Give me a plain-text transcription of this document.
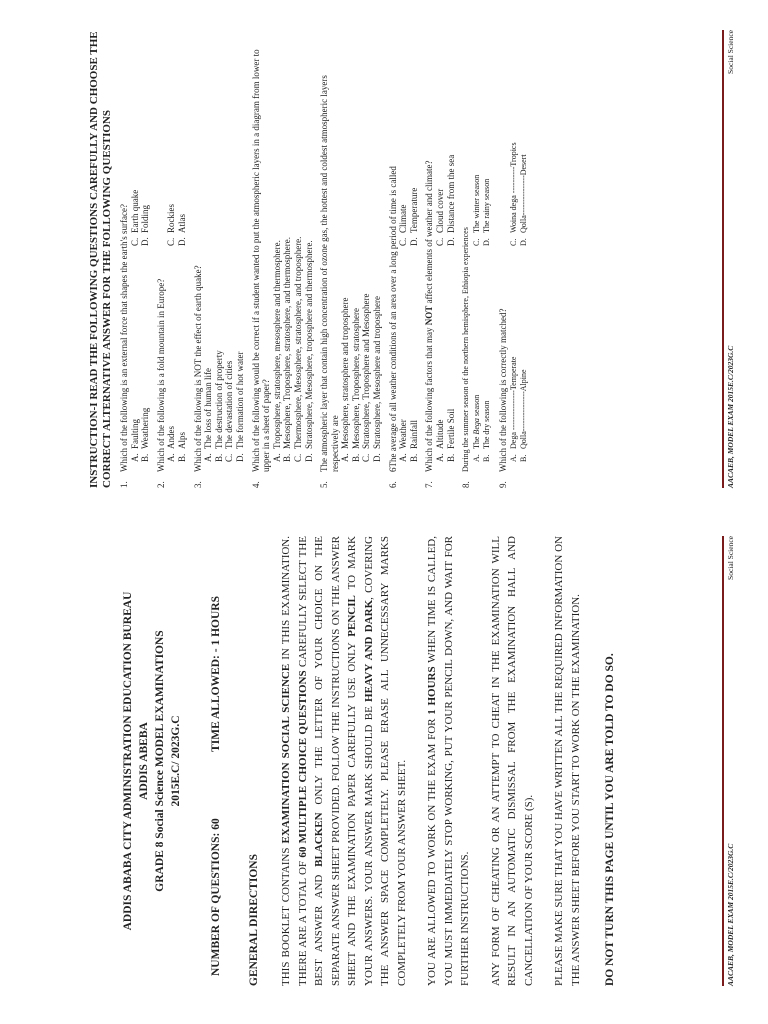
ADDIS ABABA CITY ADMINISTRATION EDUCATION BUREAU ADDIS ABEBA GRADE 8 Social Science MODEL EXAMINATIONS 2015E.C/ 2023G.C
NUMBER OF QUESTIONS: 60
TIME ALLOWED: - 1 HOURS
GENERAL DIRECTIONS THIS BOOKLET CONTAINS EXAMINATION SOCIAL SCIENCE IN THIS EXAMINATION. THERE ARE A TOTAL OF 60 MULTIPLE CHOICE QUESTIONS CAREFULLY SELECT THE BEST ANSWER AND BLACKEN ONLY THE LETTER OF YOUR CHOICE ON THE SEPARATE ANSWER SHEET PROVIDED. FOLLOW THE INSTRUCTIONS ON THE ANSWER SHEET AND THE EXAMINATION PAPER CAREFULLY USE ONLY PENCIL TO MARK YOUR ANSWERS. YOUR ANSWER MARK SHOULD BE HEAVY AND DARK, COVERING THE ANSWER SPACE COMPLETELY. PLEASE ERASE ALL UNNECESSARY MARKS COMPLETELY FROM YOUR ANSWER SHEET. YOU ARE ALLOWED TO WORK ON THE EXAM FOR 1 HOURS WHEN TIME IS CALLED, YOU MUST IMMEDIATELY STOP WORKING, PUT YOUR PENCIL DOWN, AND WAIT FOR FURTHER INSTRUCTIONS. ANY FORM OF CHEATING OR AN ATTEMPT TO CHEAT IN THE EXAMINATION WILL RESULT IN AN AUTOMATIC DISMISSAL FROM THE EXAMINATION HALL AND CANCELLATION OF YOUR SCORE (S). PLEASE MAKE SURE THAT YOU HAVE WRITTEN ALL THE REQUIRED INFORMATION ON THE ANSWER SHEET BEFORE YOU START TO WORK ON THE EXAMINATION. DO NOT TURN THIS PAGE UNTIL YOU ARE TOLD TO DO SO.	AACAEB, MODEL EXAM 2015E.C/2023G.C
Social Science
INSTRUCTION-I READ THE FOLLOWING QUESTIONS CAREFULLY AND CHOOSE THE CORRECT ALTERNATIVE ANSWER FOR THE FOLLOWING QUESTIONS 1.
Which of the following is an external force that shapes the earth's surface? A.
Faulting
C.
Earth quake
B.
Weathering
D.
Folding
2.
Which of the following is a fold mountain in Europe? A.
Andes
C.
Rockies
B.
Alps
D.
Atlas
3.
Which of the following is NOT the effect of earth quake? A.
The loss of human life
B.
The destruction of property
C.
The devastation of cities
D.
The formation of hot water
4.
Which of the following would be correct if a student wanted to put the atmospheric layers in a diagram from lower to upper in a sheet of paper? A.
Troposphere, stratosphere, mesosphere and thermosphere.
B.
Mesosphere, Troposphere, stratosphere, and thermosphere.
C.
Thermosphere, Mesosphere, stratosphere, and troposphere.
D.
Stratosphere, Mesosphere, troposphere and thermosphere.
5.
The atmospheric layer that contain high concentration of ozone gas, the hottest and coldest atmospheric layers respectively are A.
Mesosphere, stratosphere and troposphere
B.
Mesosphere, Troposphere, stratosphere
C.
Stratosphere, Troposphere and Mesosphere
D.
Stratosphere, Mesosphere and troposphere
6.
6The average of all weather conditions of an area over a long period of time is called A.
Weather
C.
Climate
B.
Rainfall
D.
Temperature
7.
Which of the following factors that may NOT affect elements of weather and climate?
A.
Altitude
C.
Cloud cover
B.
Fertile Soil
D.
Distance from the sea
8.
During the summer season of the northern hemisphere, Ethiopia experiences A.
The Bega season
C.
The winter season
B.
The dry season
D.
The rainy season
9.
Which of the following is correctly matched? A.
Dega ---------------Temperate
C.
Woina dega ----------Tropics
B.
Qolla---------------Alpine
D.
Qolla---------------Desert
AACAEB, MODEL EXAM 2015E.C/2023G.C
Social Science
